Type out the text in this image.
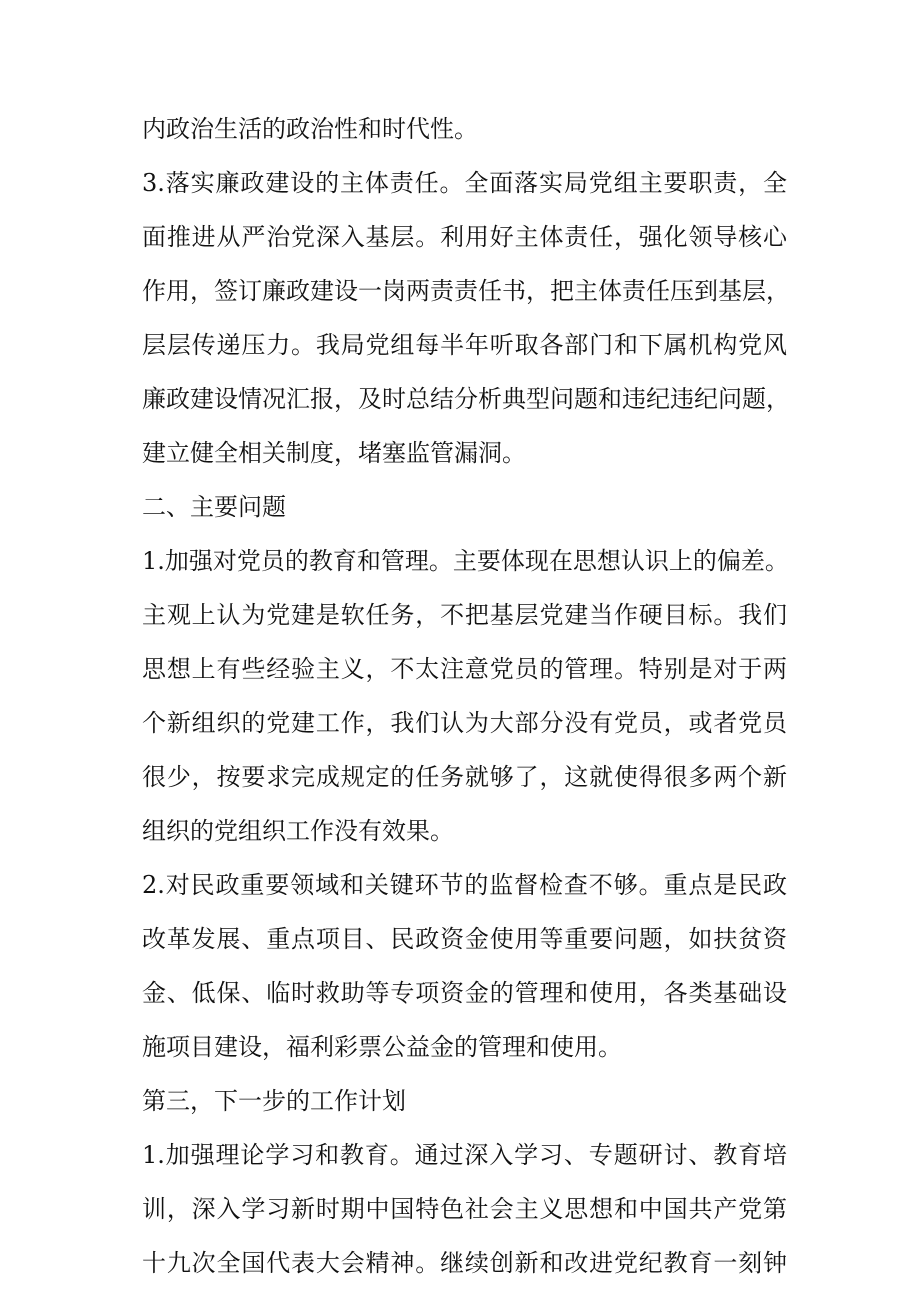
内政治生活的政治性和时代性。
3.落实廉政建设的主体责任。全面落实局党组主要职责，全
面推进从严治党深入基层。利用好主体责任，强化领导核心
作用，签订廉政建设一岗两责责任书，把主体责任压到基层，
层层传递压力。我局党组每半年听取各部门和下属机构党风
廉政建设情况汇报，及时总结分析典型问题和违纪违纪问题，
建立健全相关制度，堵塞监管漏洞。
二、主要问题
1.加强对党员的教育和管理。主要体现在思想认识上的偏差。
主观上认为党建是软任务，不把基层党建当作硬目标。我们
思想上有些经验主义，不太注意党员的管理。特别是对于两
个新组织的党建工作，我们认为大部分没有党员，或者党员
很少，按要求完成规定的任务就够了，这就使得很多两个新
组织的党组织工作没有效果。
2.对民政重要领域和关键环节的监督检查不够。重点是民政
改革发展、重点项目、民政资金使用等重要问题，如扶贫资
金、低保、临时救助等专项资金的管理和使用，各类基础设
施项目建设，福利彩票公益金的管理和使用。
第三，下一步的工作计划
1.加强理论学习和教育。通过深入学习、专题研讨、教育培
训，深入学习新时期中国特色社会主义思想和中国共产党第
十九次全国代表大会精神。继续创新和改进党纪教育一刻钟
